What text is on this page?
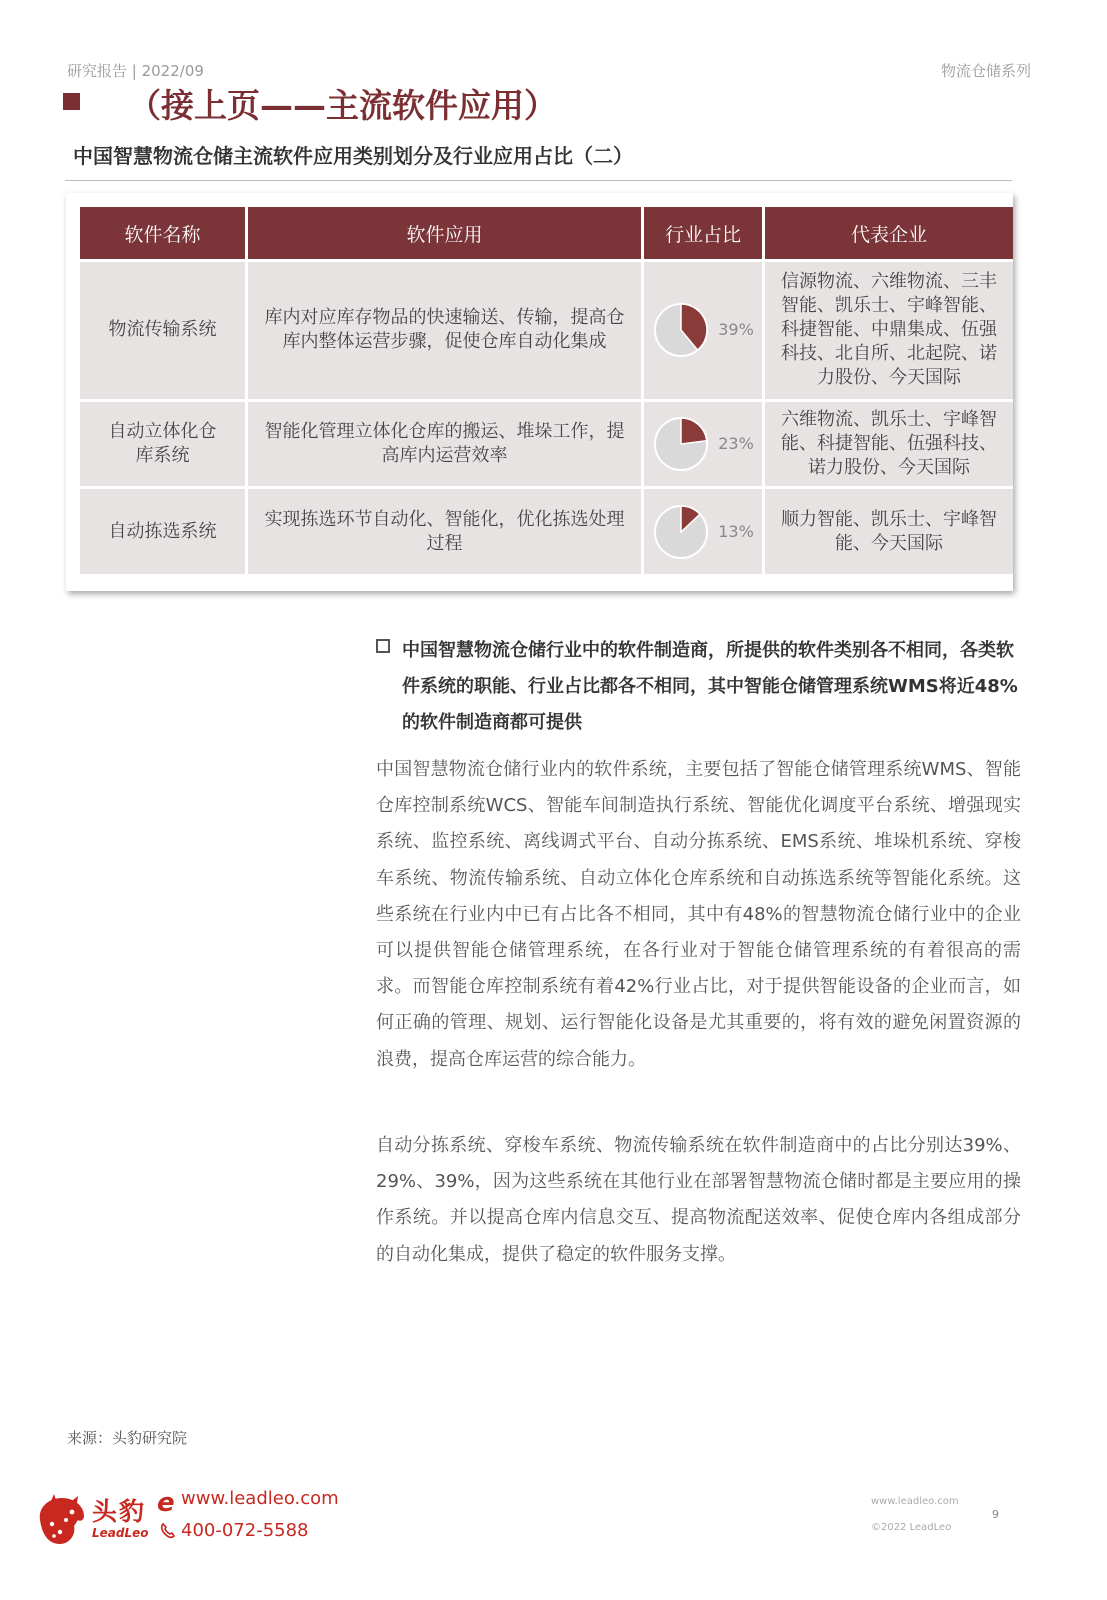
研究报告 | 2022/09	物流仓储系列
（接上页——主流软件应用）
中国智慧物流仓储主流软件应用类别划分及行业应用占比（二）
软件名称	软件应用	行业占比	代表企业
物流传输系统	库内对应库存物品的快速输送、传输，提高仓库内整体运营步骤，促使仓库自动化集成	39%	信源物流、六维物流、三丰智能、凯乐士、宇峰智能、科捷智能、中鼎集成、伍强科技、北自所、北起院、诺力股份、今天国际
自动立体化仓库系统	智能化管理立体化仓库的搬运、堆垛工作，提高库内运营效率	23%	六维物流、凯乐士、宇峰智能、科捷智能、伍强科技、诺力股份、今天国际
自动拣选系统	实现拣选环节自动化、智能化，优化拣选处理过程	13%	顺力智能、凯乐士、宇峰智能、今天国际
中国智慧物流仓储行业中的软件制造商，所提供的软件类别各不相同，各类软件系统的职能、行业占比都各不相同，其中智能仓储管理系统WMS将近48%的软件制造商都可提供
中国智慧物流仓储行业内的软件系统，主要包括了智能仓储管理系统WMS、智能仓库控制系统WCS、智能车间制造执行系统、智能优化调度平台系统、增强现实系统、监控系统、离线调式平台、自动分拣系统、EMS系统、堆垛机系统、穿梭车系统、物流传输系统、自动立体化仓库系统和自动拣选系统等智能化系统。这些系统在行业内中已有占比各不相同，其中有48%的智慧物流仓储行业中的企业可以提供智能仓储管理系统，在各行业对于智能仓储管理系统的有着很高的需求。而智能仓库控制系统有着42%行业占比，对于提供智能设备的企业而言，如何正确的管理、规划、运行智能化设备是尤其重要的，将有效的避免闲置资源的浪费，提高仓库运营的综合能力。
自动分拣系统、穿梭车系统、物流传输系统在软件制造商中的占比分别达39%、29%、39%，因为这些系统在其他行业在部署智慧物流仓储时都是主要应用的操作系统。并以提高仓库内信息交互、提高物流配送效率、促使仓库内各组成部分的自动化集成，提供了稳定的软件服务支撑。
来源：头豹研究院
头豹
LeadLeo
e www.leadleo.com
400-072-5588
www.leadleo.com
©2022 LeadLeo
9
